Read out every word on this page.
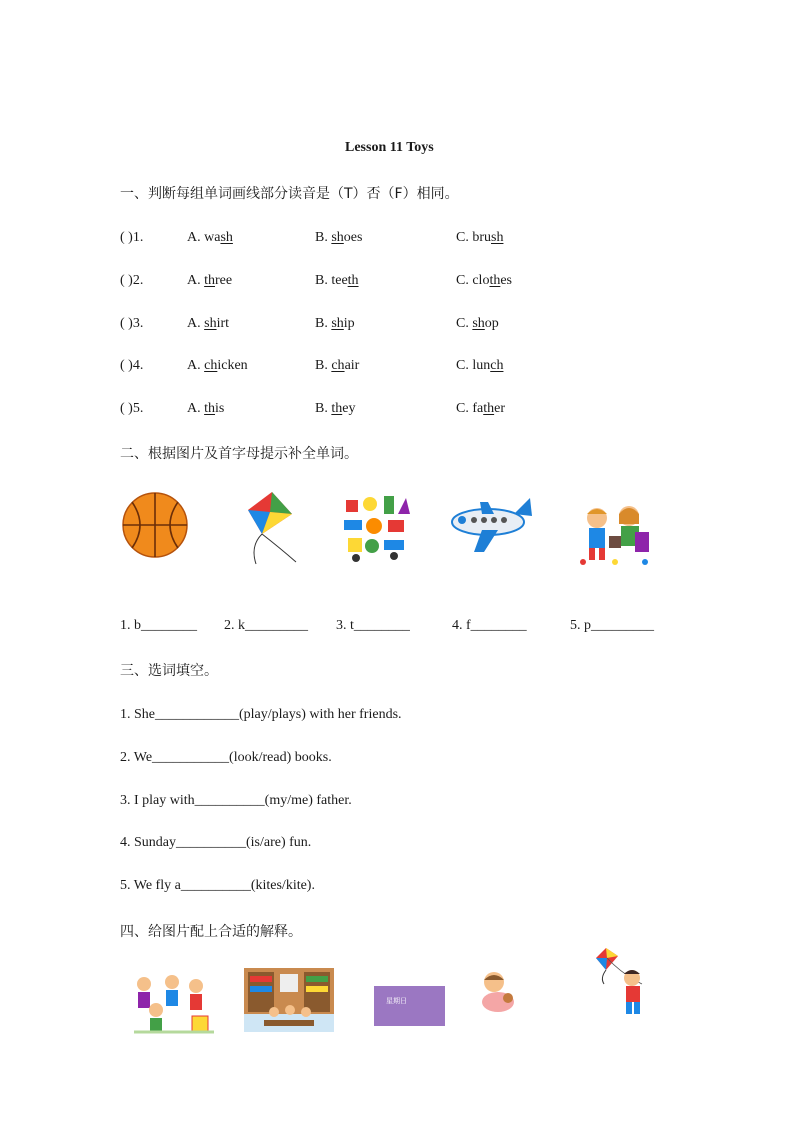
Lesson 11 Toys
一、判断每组单词画线部分读音是（T）否（F）相同。
( )1.	A. wash	B. shoes	C. brush
( )2.	A. three	B. teeth	C. clothes
( )3.	A. shirt	B. ship	C. shop
( )4.	A. chicken	B. chair	C. lunch
( )5.	A. this	B. they	C. father
二、根据图片及首字母提示补全单词。
1. b________ 2. k_________ 3. t________	4. f________	5. p_________
三、选词填空。
1. She____________(play/plays) with her friends.
2. We___________(look/read) books.
3. I play with__________(my/me) father.
4. Sunday__________(is/are) fun.
5. We fly a__________(kites/kite).
四、给图片配上合适的解释。
星期日
